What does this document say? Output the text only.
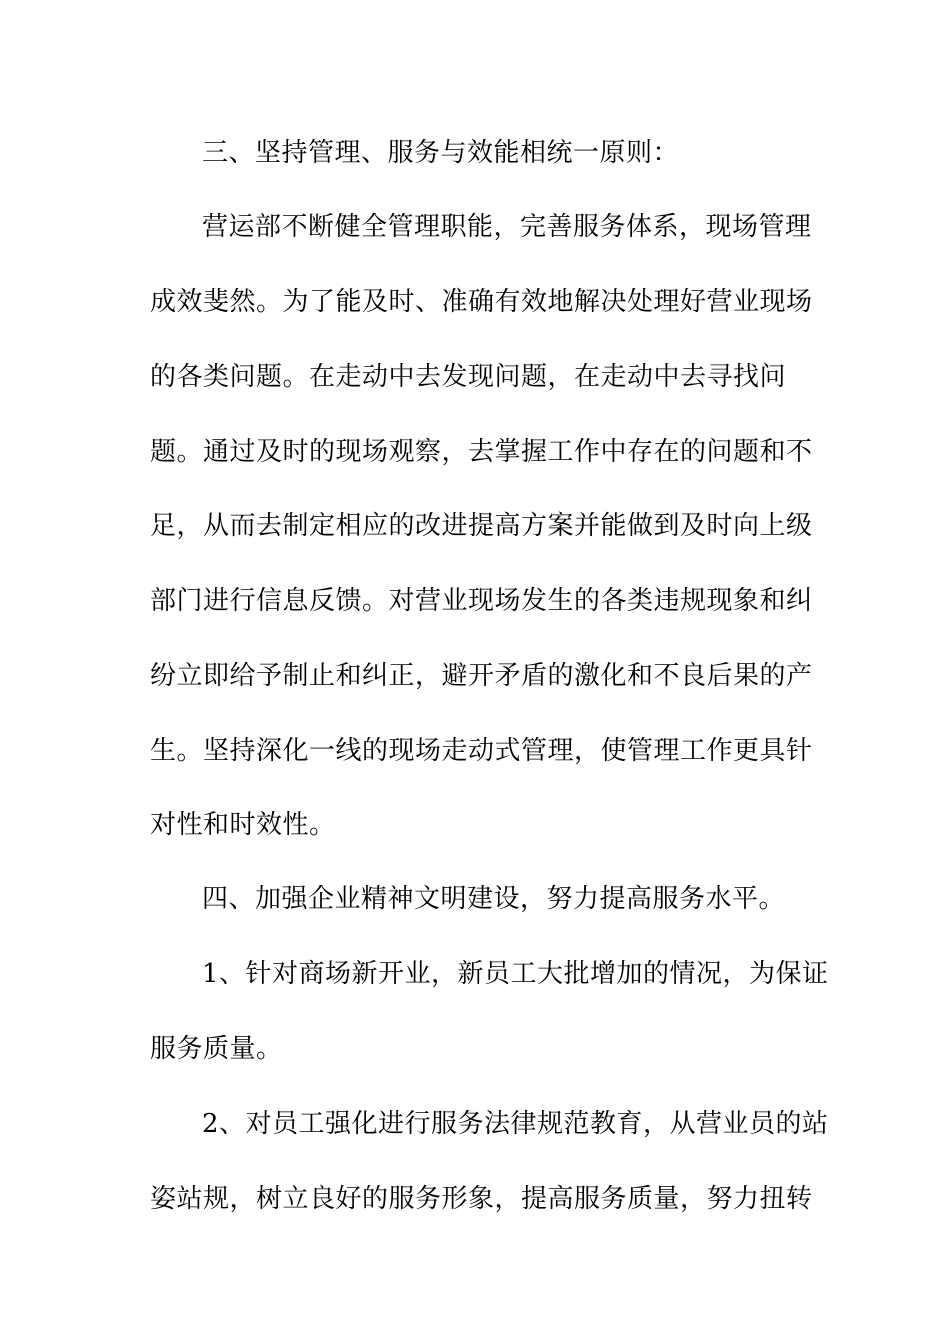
三、坚持管理、服务与效能相统一原则：
营运部不断健全管理职能，完善服务体系，现场管理
成效斐然。为了能及时、准确有效地解决处理好营业现场
的各类问题。在走动中去发现问题，在走动中去寻找问
题。通过及时的现场观察，去掌握工作中存在的问题和不
足，从而去制定相应的改进提高方案并能做到及时向上级
部门进行信息反馈。对营业现场发生的各类违规现象和纠
纷立即给予制止和纠正，避开矛盾的激化和不良后果的产
生。坚持深化一线的现场走动式管理，使管理工作更具针
对性和时效性。
四、加强企业精神文明建设，努力提高服务水平。
1、针对商场新开业，新员工大批增加的情况，为保证
服务质量。
2、对员工强化进行服务法律规范教育，从营业员的站
姿站规，树立良好的服务形象，提高服务质量，努力扭转
